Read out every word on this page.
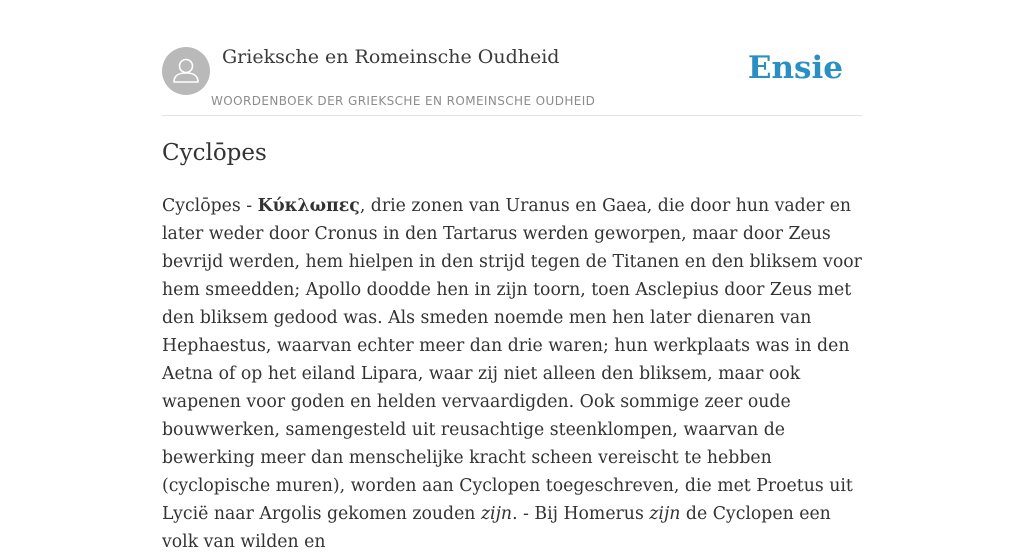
Grieksche en Romeinsche Oudheid
WOORDENBOEK DER GRIEKSCHE EN ROMEINSCHE OUDHEID
Ensie
Cyclōpes

Cyclōpes - Κύκλωπες, drie zonen van Uranus en Gaea, die door hun vader en later weder door Cronus in den Tartarus werden geworpen, maar door Zeus bevrijd werden, hem hielpen in den strijd tegen de Titanen en den bliksem voor hem smeedden; Apollo doodde hen in zijn toorn, toen Asclepius door Zeus met den bliksem gedood was. Als smeden noemde men hen later dienaren van Hephaestus, waarvan echter meer dan drie waren; hun werkplaats was in den Aetna of op het eiland Lipara, waar zij niet alleen den bliksem, maar ook wapenen voor goden en helden vervaardigden. Ook sommige zeer oude bouwwerken, samengesteld uit reusachtige steenklompen, waarvan de bewerking meer dan menschelijke kracht scheen vereischt te hebben (cyclopische muren), worden aan Cyclopen toegeschreven, die met Proetus uit Lycië naar Argolis gekomen zouden zijn. - Bij Homerus zijn de Cyclopen een volk van wilden en
